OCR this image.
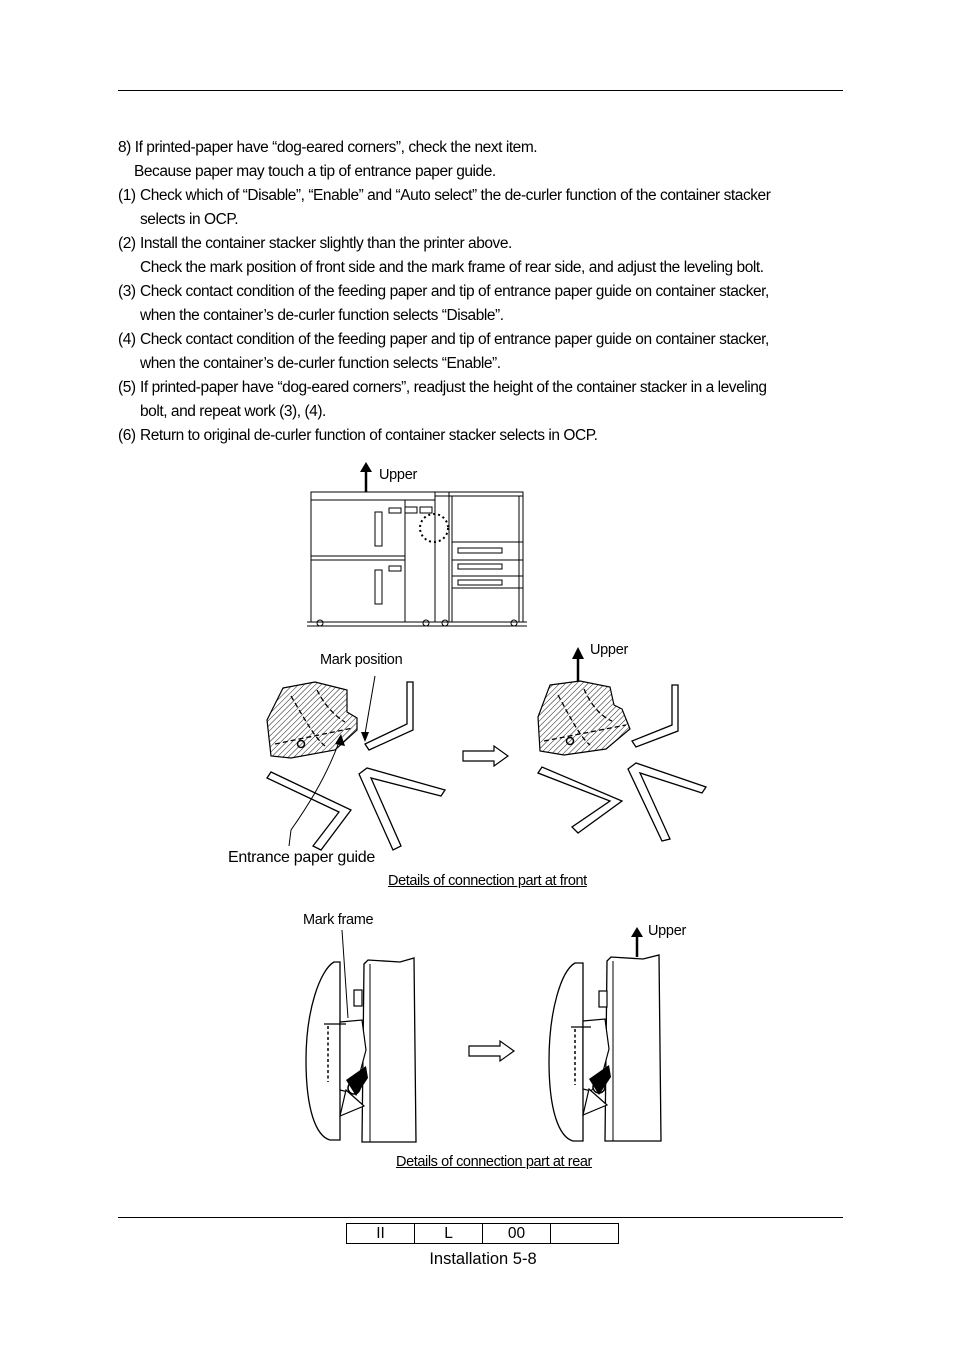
8) If printed-paper have “dog-eared corners”, check the next item.
Because paper may touch a tip of entrance paper guide.
(1) Check which of “Disable”, “Enable” and “Auto select” the de-curler function of the container stacker
selects in OCP.
(2) Install the container stacker slightly than the printer above.
Check the mark position of front side and the mark frame of rear side, and adjust the leveling bolt.
(3) Check contact condition of the feeding paper and tip of entrance paper guide on container stacker,
when the container’s de-curler function selects “Disable”.
(4) Check contact condition of the feeding paper and tip of entrance paper guide on container stacker,
when the container’s de-curler function selects “Enable”.
(5) If printed-paper have “dog-eared corners”, readjust the height of the container stacker in a leveling
bolt, and repeat work (3), (4).
(6) Return to original de-curler function of container stacker selects in OCP.
Upper
Mark position
Entrance paper guide
Upper
Details of connection part at front
Mark frame
Upper
Details of connection part at rear
II	L	00	
Installation 5-8
